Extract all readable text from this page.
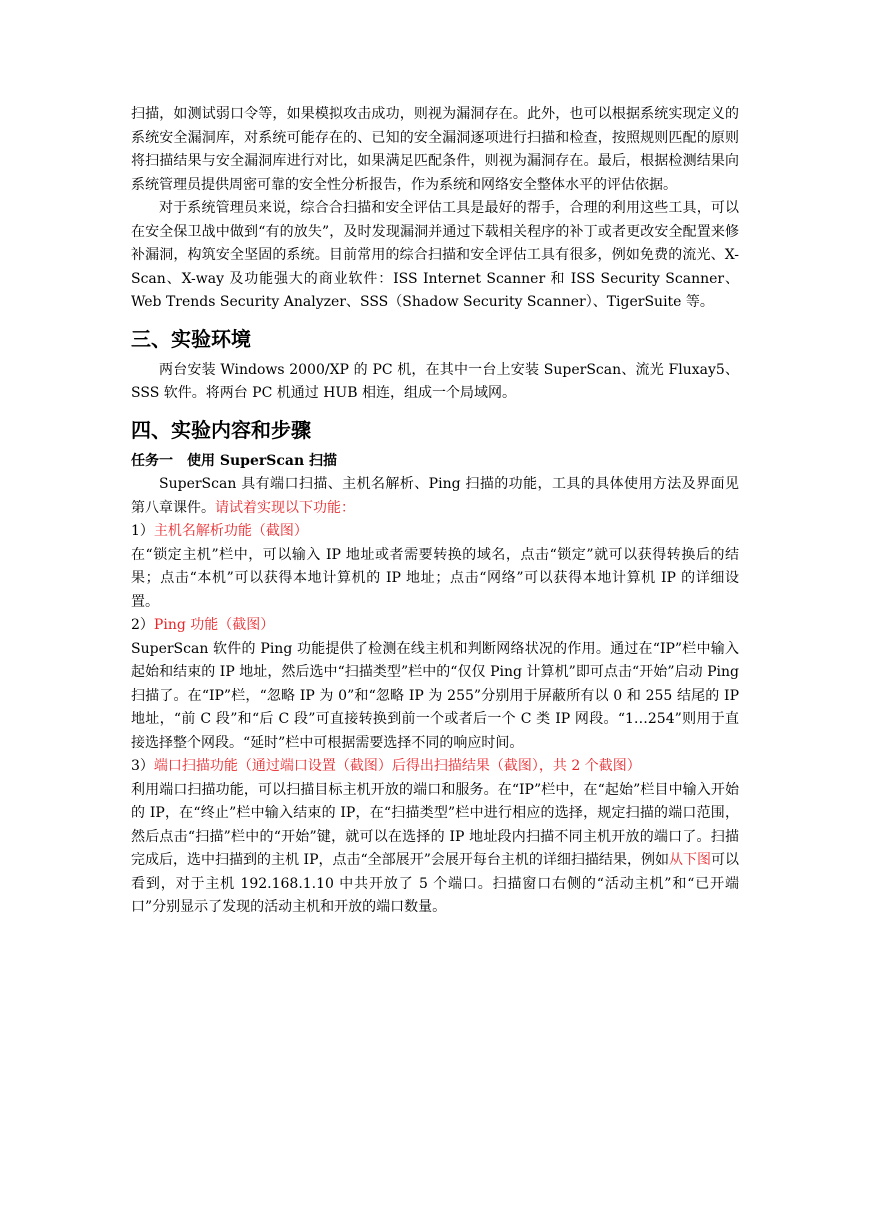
扫描，如测试弱口令等，如果模拟攻击成功，则视为漏洞存在。此外，也可以根据系统实现定义的系统安全漏洞库，对系统可能存在的、已知的安全漏洞逐项进行扫描和检查，按照规则匹配的原则将扫描结果与安全漏洞库进行对比，如果满足匹配条件，则视为漏洞存在。最后，根据检测结果向系统管理员提供周密可靠的安全性分析报告，作为系统和网络安全整体水平的评估依据。

对于系统管理员来说，综合合扫描和安全评估工具是最好的帮手，合理的利用这些工具，可以在安全保卫战中做到“有的放失”，及时发现漏洞并通过下载相关程序的补丁或者更改安全配置来修补漏洞，构筑安全坚固的系统。目前常用的综合扫描和安全评估工具有很多，例如免费的流光、X-Scan、X-way 及功能强大的商业软件：ISS Internet Scanner 和 ISS Security Scanner、Web Trends Security Analyzer、SSS（Shadow Security Scanner）、TigerSuite 等。

三、实验环境

两台安装 Windows 2000/XP 的 PC 机，在其中一台上安装 SuperScan、流光 Fluxay5、SSS 软件。将两台 PC 机通过 HUB 相连，组成一个局域网。

四、实验内容和步骤

任务一　使用 SuperScan 扫描

SuperScan 具有端口扫描、主机名解析、Ping 扫描的功能，工具的具体使用方法及界面见第八章课件。请试着实现以下功能：

1）主机名解析功能（截图）

在“锁定主机”栏中，可以输入 IP 地址或者需要转换的域名，点击“锁定”就可以获得转换后的结果；点击“本机”可以获得本地计算机的 IP 地址；点击“网络”可以获得本地计算机 IP 的详细设置。

2）Ping 功能（截图）

SuperScan 软件的 Ping 功能提供了检测在线主机和判断网络状况的作用。通过在“IP”栏中输入起始和结束的 IP 地址，然后选中“扫描类型”栏中的“仅仅 Ping 计算机”即可点击“开始”启动 Ping 扫描了。在“IP”栏，“忽略 IP 为 0”和“忽略 IP 为 255”分别用于屏蔽所有以 0 和 255 结尾的 IP 地址，“前 C 段”和“后 C 段”可直接转换到前一个或者后一个 C 类 IP 网段。“1…254”则用于直接选择整个网段。“延时”栏中可根据需要选择不同的响应时间。

3）端口扫描功能（通过端口设置（截图）后得出扫描结果（截图），共 2 个截图）

利用端口扫描功能，可以扫描目标主机开放的端口和服务。在“IP”栏中，在“起始”栏目中输入开始的 IP，在“终止”栏中输入结束的 IP，在“扫描类型”栏中进行相应的选择，规定扫描的端口范围，然后点击“扫描”栏中的“开始”键，就可以在选择的 IP 地址段内扫描不同主机开放的端口了。扫描完成后，选中扫描到的主机 IP，点击“全部展开”会展开每台主机的详细扫描结果，例如从下图可以看到，对于主机 192.168.1.10 中共开放了 5 个端口。扫描窗口右侧的“活动主机”和“已开端口”分别显示了发现的活动主机和开放的端口数量。
